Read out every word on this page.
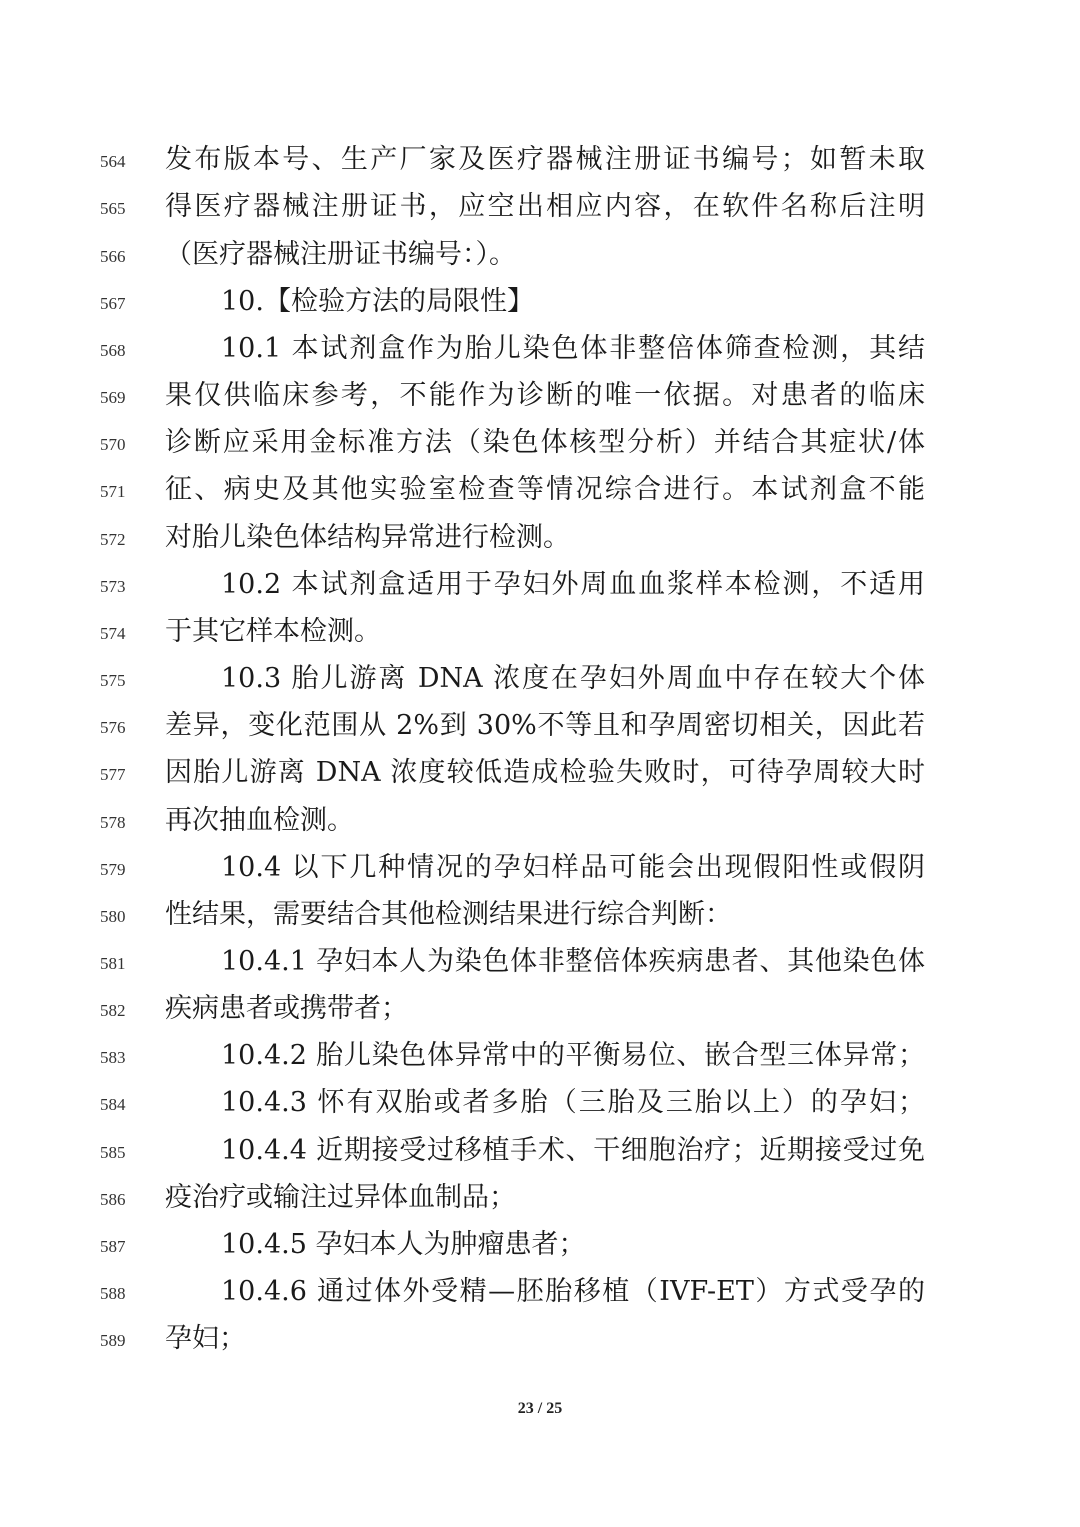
564	发布版本号、生产厂家及医疗器械注册证书编号；如暂未取
565	得医疗器械注册证书，应空出相应内容，在软件名称后注明
566	（医疗器械注册证书编号：）。
567	10.【检验方法的局限性】
568	10.1 本试剂盒作为胎儿染色体非整倍体筛查检测，其结
569	果仅供临床参考，不能作为诊断的唯一依据。对患者的临床
570	诊断应采用金标准方法（染色体核型分析）并结合其症状/体
571	征、病史及其他实验室检查等情况综合进行。本试剂盒不能
572	对胎儿染色体结构异常进行检测。
573	10.2 本试剂盒适用于孕妇外周血血浆样本检测，不适用
574	于其它样本检测。
575	10.3 胎儿游离 DNA 浓度在孕妇外周血中存在较大个体
576	差异，变化范围从 2%到 30%不等且和孕周密切相关，因此若
577	因胎儿游离 DNA 浓度较低造成检验失败时，可待孕周较大时
578	再次抽血检测。
579	10.4 以下几种情况的孕妇样品可能会出现假阳性或假阴
580	性结果，需要结合其他检测结果进行综合判断：
581	10.4.1 孕妇本人为染色体非整倍体疾病患者、其他染色体
582	疾病患者或携带者；
583	10.4.2 胎儿染色体异常中的平衡易位、嵌合型三体异常；
584	10.4.3 怀有双胎或者多胎（三胎及三胎以上）的孕妇；
585	10.4.4 近期接受过移植手术、干细胞治疗；近期接受过免
586	疫治疗或输注过异体血制品；
587	10.4.5 孕妇本人为肿瘤患者；
588	10.4.6 通过体外受精—胚胎移植（IVF-ET）方式受孕的
589	孕妇；
23 / 25
